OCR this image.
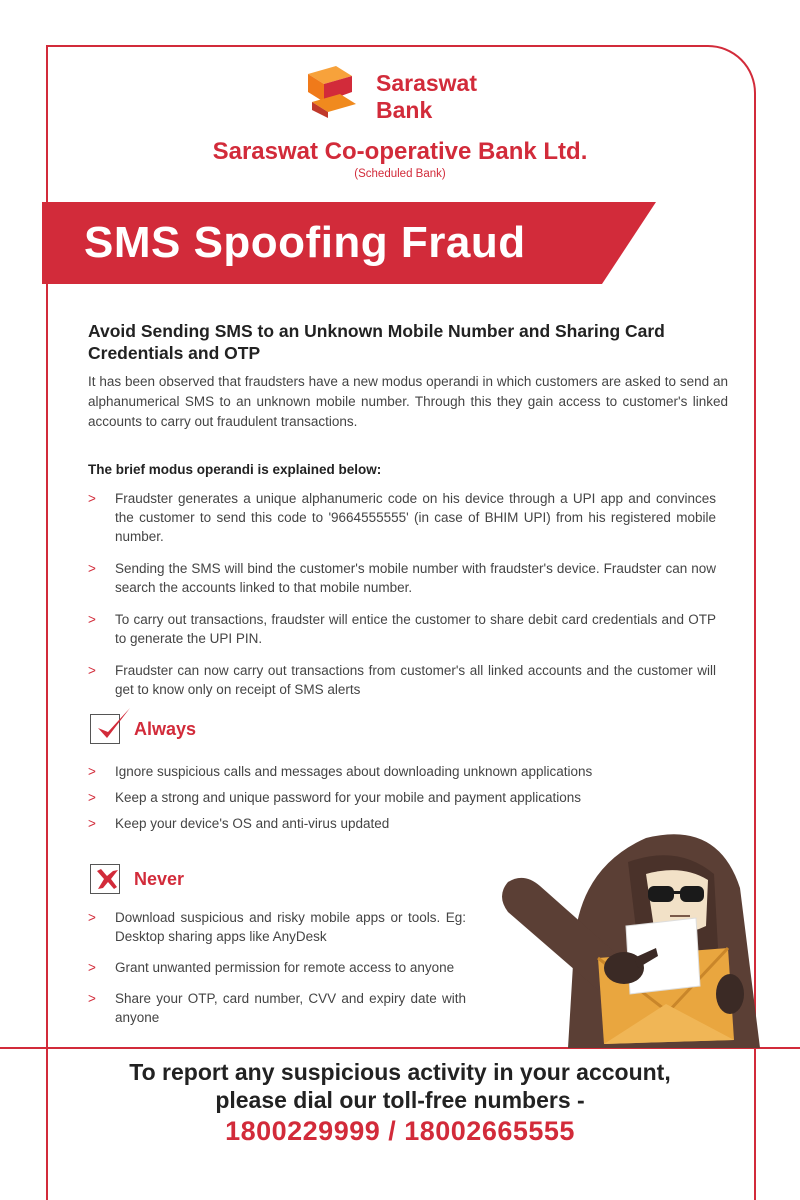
Saraswat
Bank
Saraswat Co-operative Bank Ltd.
(Scheduled Bank)
SMS Spoofing Fraud
Avoid Sending SMS to an Unknown Mobile Number and Sharing Card Credentials and OTP
It has been observed that fraudsters have a new modus operandi in which customers are asked to send an alphanumerical SMS to an unknown mobile number. Through this they gain access to customer's linked accounts to carry out fraudulent transactions.
The brief modus operandi is explained below:
> Fraudster generates a unique alphanumeric code on his device through a UPI app and convinces the customer to send this code to '9664555555' (in case of BHIM UPI) from his registered mobile number.
> Sending the SMS will bind the customer's mobile number with fraudster's device. Fraudster can now search the accounts linked to that mobile number.
> To carry out transactions, fraudster will entice the customer to share debit card credentials and OTP to generate the UPI PIN.
> Fraudster can now carry out transactions from customer's all linked accounts and the customer will get to know only on receipt of SMS alerts
Always
> Ignore suspicious calls and messages about downloading unknown applications
> Keep a strong and unique password for your mobile and payment applications
> Keep your device's OS and anti-virus updated
Never
> Download suspicious and risky mobile apps or tools. Eg: Desktop sharing apps like AnyDesk
> Grant unwanted permission for remote access to anyone
> Share your OTP, card number, CVV and expiry date with anyone
To report any suspicious activity in your account,
please dial our toll-free numbers -
1800229999 / 18002665555
